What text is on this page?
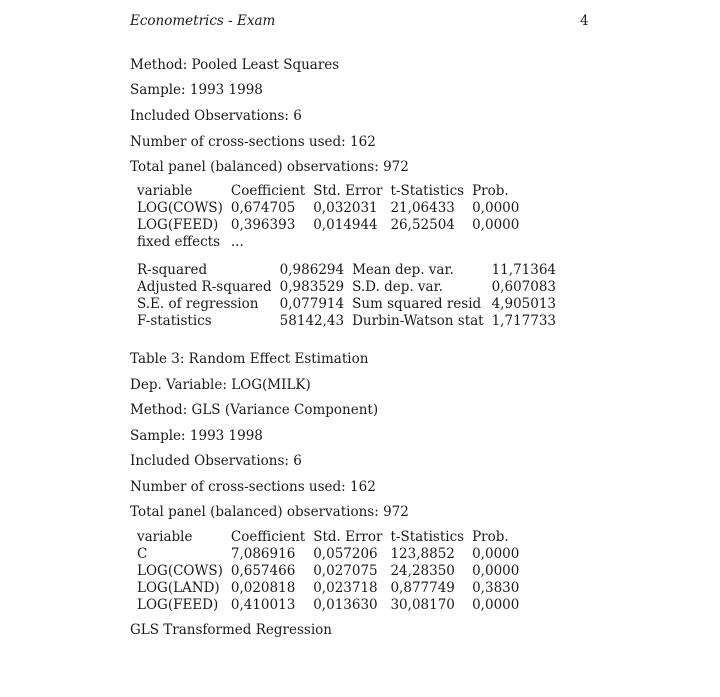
Econometrics - Exam	4
Method: Pooled Least Squares
Sample: 1993 1998
Included Observations: 6
Number of cross-sections used: 162
Total panel (balanced) observations: 972
variable	Coefficient	Std. Error	t-Statistics	Prob.
LOG(COWS)	0,674705	0,032031	21,06433	0,0000
LOG(FEED)	0,396393	0,014944	26,52504	0,0000
fixed effects	...			
R-squared	0,986294	Mean dep. var.	11,71364
Adjusted R-squared	0,983529	S.D. dep. var.	0,607083
S.E. of regression	0,077914	Sum squared resid	4,905013
F-statistics	58142,43	Durbin-Watson stat	1,717733
Table 3: Random Effect Estimation
Dep. Variable: LOG(MILK)
Method: GLS (Variance Component)
Sample: 1993 1998
Included Observations: 6
Number of cross-sections used: 162
Total panel (balanced) observations: 972
variable	Coefficient	Std. Error	t-Statistics	Prob.
C	7,086916	0,057206	123,8852	0,0000
LOG(COWS)	0,657466	0,027075	24,28350	0,0000
LOG(LAND)	0,020818	0,023718	0,877749	0,3830
LOG(FEED)	0,410013	0,013630	30,08170	0,0000

GLS Transformed Regression
